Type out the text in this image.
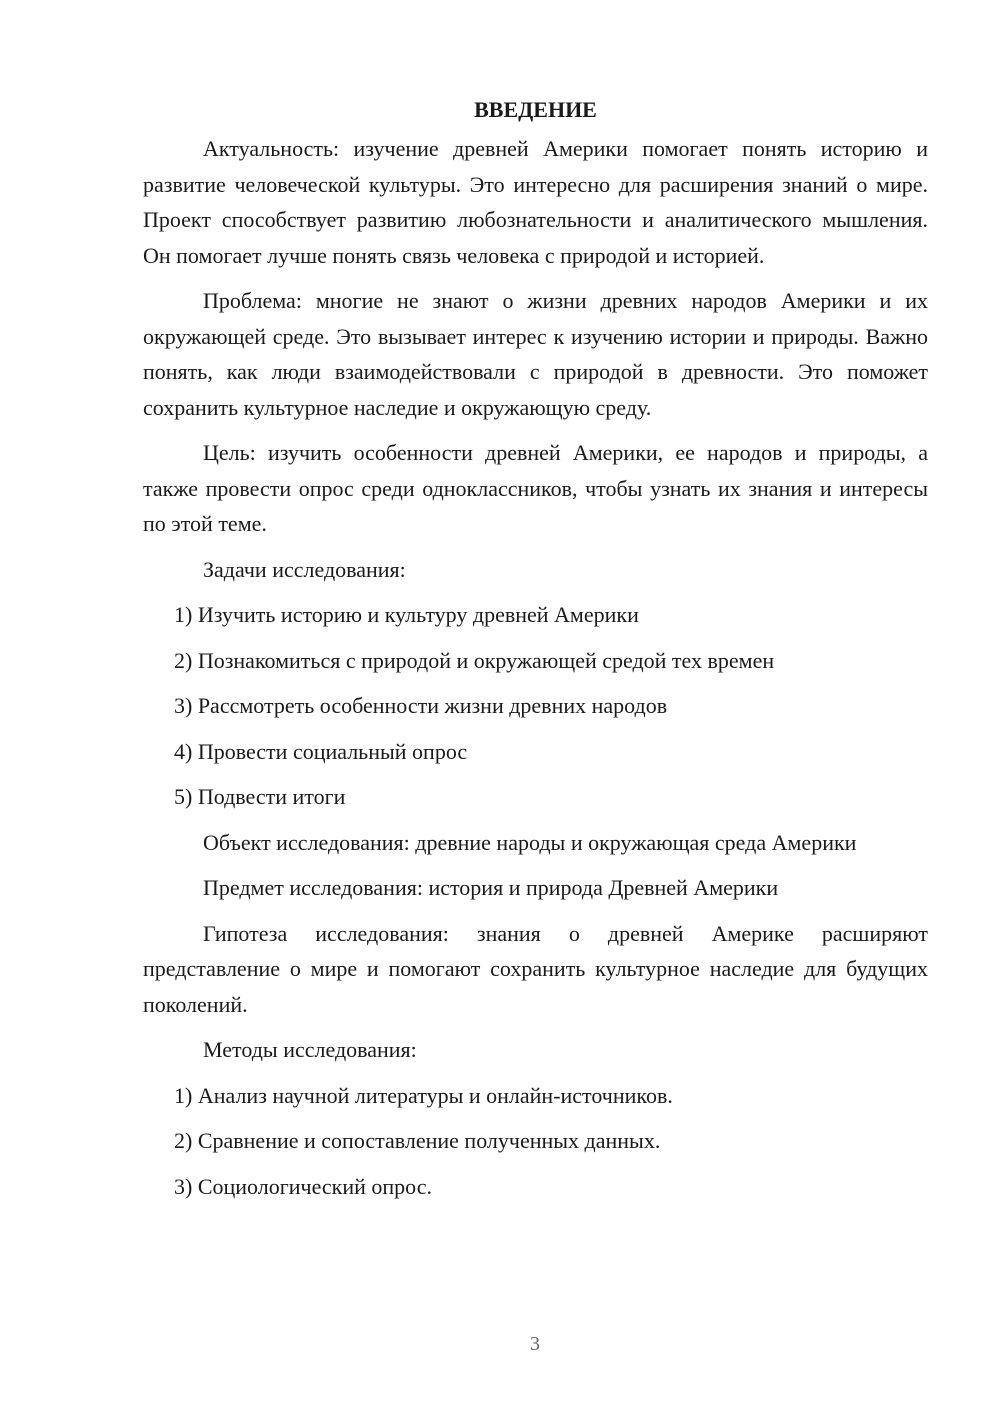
ВВЕДЕНИЕ

Актуальность: изучение древней Америки помогает понять историю и развитие человеческой культуры. Это интересно для расширения знаний о мире. Проект способствует развитию любознательности и аналитического мышления. Он помогает лучше понять связь человека с природой и историей.

Проблема: многие не знают о жизни древних народов Америки и их окружающей среде. Это вызывает интерес к изучению истории и природы. Важно понять, как люди взаимодействовали с природой в древности. Это поможет сохранить культурное наследие и окружающую среду.

Цель: изучить особенности древней Америки, ее народов и природы, а также провести опрос среди одноклассников, чтобы узнать их знания и интересы по этой теме.

Задачи исследования:

1) Изучить историю и культуру древней Америки

2) Познакомиться с природой и окружающей средой тех времен

3) Рассмотреть особенности жизни древних народов

4) Провести социальный опрос

5) Подвести итоги

Объект исследования: древние народы и окружающая среда Америки

Предмет исследования: история и природа Древней Америки

Гипотеза исследования: знания о древней Америке расширяют представление о мире и помогают сохранить культурное наследие для будущих поколений.

Методы исследования:

1) Анализ научной литературы и онлайн-источников.

2) Сравнение и сопоставление полученных данных.

3) Социологический опрос.

3
